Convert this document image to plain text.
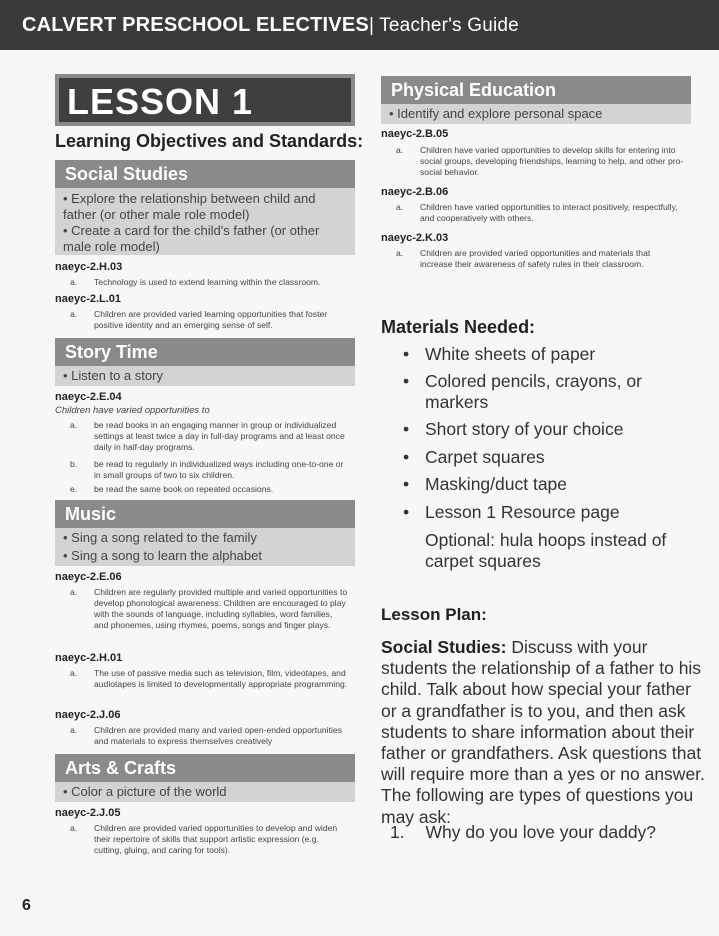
CALVERT PRESCHOOL ELECTIVES| Teacher's Guide
LESSON 1
Learning Objectives and Standards:
Social Studies
• Explore the relationship between child and father (or other male role model)
• Create a card for the child's father (or other male role model)
naeyc-2.H.03
a. Technology is used to extend learning within the classroom.
naeyc-2.L.01
a. Children are provided varied learning opportunities that foster positive identity and an emerging sense of self.
Story Time
• Listen to a story
naeyc-2.E.04
Children have varied opportunities to
a. be read books in an engaging manner in group or individualized settings at least twice a day in full-day programs and at least once daily in half-day programs.
b. be read to regularly in individualized ways including one-to-one or in small groups of two to six children.
e. be read the same book on repeated occasions.
Music
• Sing a song related to the family
• Sing a song to learn the alphabet
naeyc-2.E.06
a. Children are regularly provided multiple and varied opportunities to develop phonological awareness: Children are encouraged to play with the sounds of language, including syllables, word families, and phonemes, using rhymes, poems, songs and finger plays.
naeyc-2.H.01
a. The use of passive media such as television, film, videotapes, and audiotapes is limited to developmentally appropriate programming.
naeyc-2.J.06
a. Children are provided many and varied open-ended opportunities and materials to express themselves creatively
Arts & Crafts
• Color a picture of the world
naeyc-2.J.05
a. Children are provided varied opportunities to develop and widen their repertoire of skills that support artistic expression (e.g. cutting, gluing, and caring for tools).
Physical Education
• Identify and explore personal space
naeyc-2.B.05
a. Children have varied opportunities to develop skills for entering into social groups, developing friendships, learning to help, and other pro-social behavior.
naeyc-2.B.06
a. Children have varied opportunities to interact positively, respectfully, and cooperatively with others.
naeyc-2.K.03
a. Children are provided varied opportunities and materials that increase their awareness of safety rules in their classroom.
Materials Needed:
• White sheets of paper
• Colored pencils, crayons, or markers
• Short story of your choice
• Carpet squares
• Masking/duct tape
• Lesson 1 Resource page
Optional: hula hoops instead of carpet squares
Lesson Plan:
Social Studies: Discuss with your students the relationship of a father to his child. Talk about how special your father or a grandfather is to you, and then ask students to share information about their father or grandfathers. Ask questions that will require more than a yes or no answer. The following are types of questions you may ask:
1. Why do you love your daddy?
6
